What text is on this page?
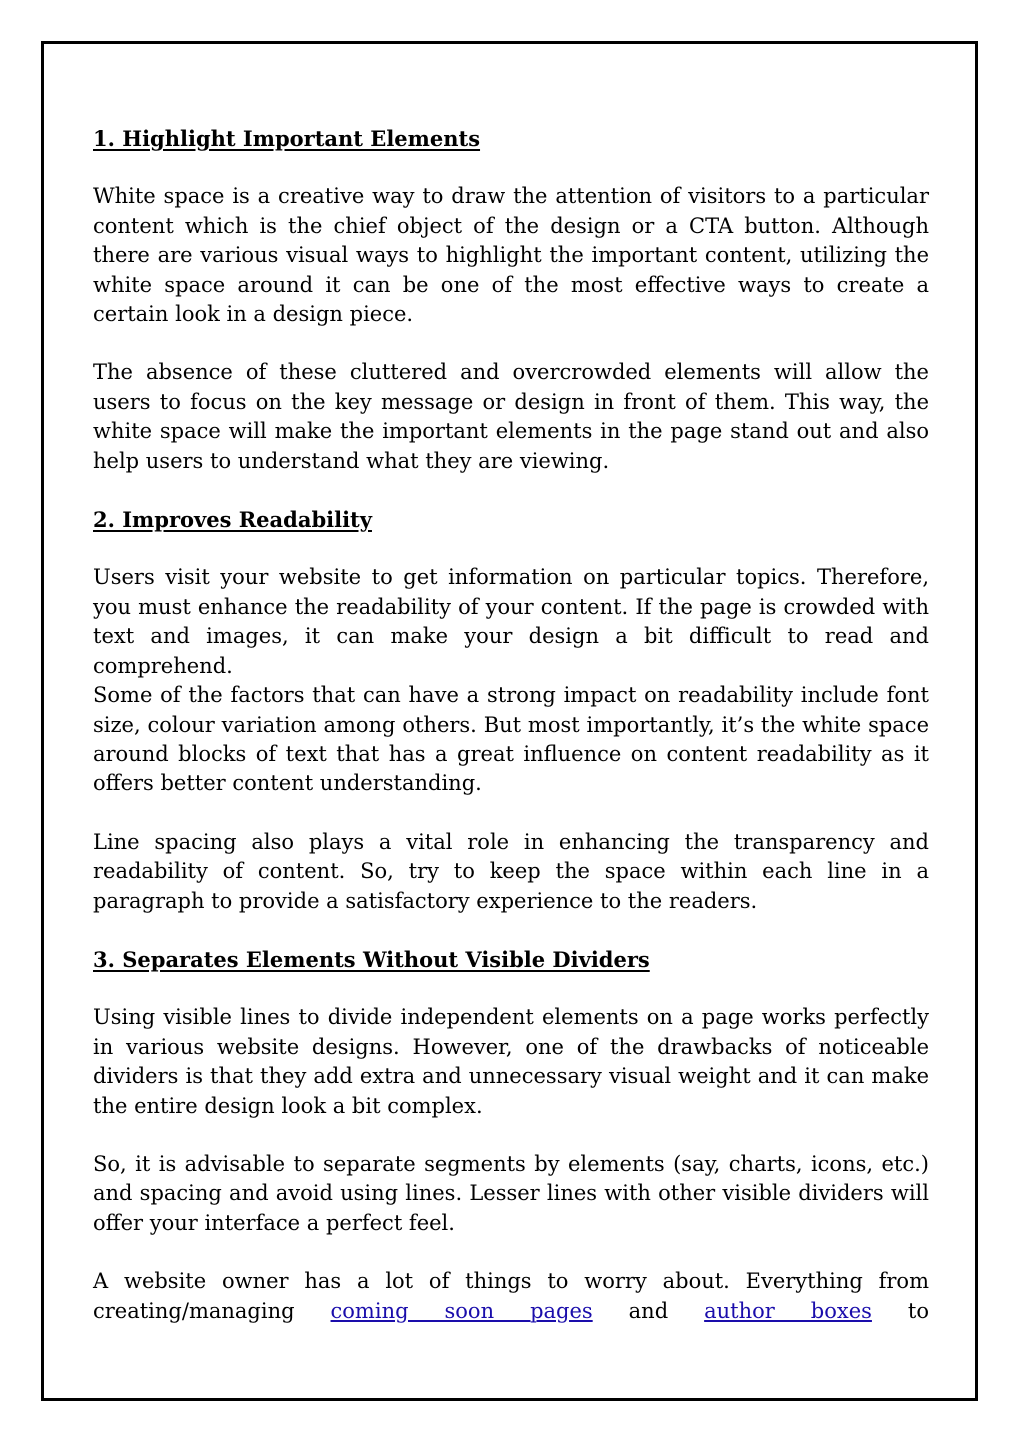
1. Highlight Important Elements

White space is a creative way to draw the attention of visitors to a particular content which is the chief object of the design or a CTA button. Although there are various visual ways to highlight the important content, utilizing the white space around it can be one of the most effective ways to create a certain look in a design piece.

The absence of these cluttered and overcrowded elements will allow the users to focus on the key message or design in front of them. This way, the white space will make the important elements in the page stand out and also help users to understand what they are viewing.

2. Improves Readability

Users visit your website to get information on particular topics. Therefore, you must enhance the readability of your content. If the page is crowded with text and images, it can make your design a bit difficult to read and comprehend.

Some of the factors that can have a strong impact on readability include font size, colour variation among others. But most importantly, it’s the white space around blocks of text that has a great influence on content readability as it offers better content understanding.

Line spacing also plays a vital role in enhancing the transparency and readability of content. So, try to keep the space within each line in a paragraph to provide a satisfactory experience to the readers.

3. Separates Elements Without Visible Dividers

Using visible lines to divide independent elements on a page works perfectly in various website designs. However, one of the drawbacks of noticeable dividers is that they add extra and unnecessary visual weight and it can make the entire design look a bit complex.

So, it is advisable to separate segments by elements (say, charts, icons, etc.) and spacing and avoid using lines. Lesser lines with other visible dividers will offer your interface a perfect feel.

A website owner has a lot of things to worry about. Everything from creating/managing coming soon pages and author boxes to
